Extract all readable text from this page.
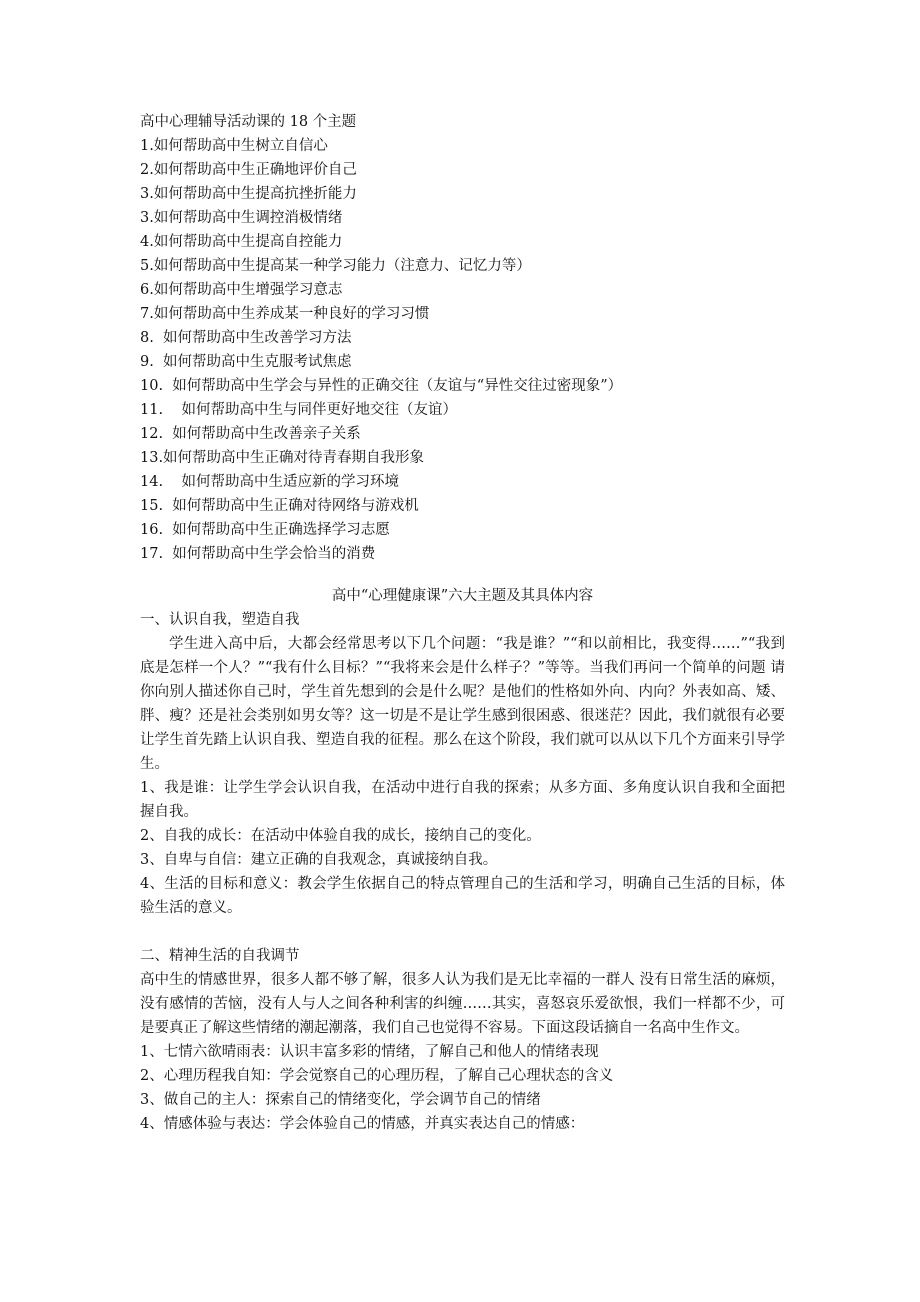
高中心理辅导活动课的 18 个主题
1.如何帮助高中生树立自信心
2.如何帮助高中生正确地评价自己
3.如何帮助高中生提高抗挫折能力
3.如何帮助高中生调控消极情绪
4.如何帮助高中生提高自控能力
5.如何帮助高中生提高某一种学习能力（注意力、记忆力等）
6.如何帮助高中生增强学习意志
7.如何帮助高中生养成某一种良好的学习习惯
8.  如何帮助高中生改善学习方法
9.  如何帮助高中生克服考试焦虑
10.  如何帮助高中生学会与异性的正确交往（友谊与“异性交往过密现象”）
11.    如何帮助高中生与同伴更好地交往（友谊）
12.  如何帮助高中生改善亲子关系
13.如何帮助高中生正确对待青春期自我形象
14.    如何帮助高中生适应新的学习环境
15.  如何帮助高中生正确对待网络与游戏机
16.  如何帮助高中生正确选择学习志愿
17.  如何帮助高中生学会恰当的消费
高中“心理健康课”六大主题及其具体内容
一、认识自我，塑造自我
学生进入高中后，大都会经常思考以下几个问题：“我是谁？”“和以前相比，我变得……”“我到底是怎样一个人？”“我有什么目标？”“我将来会是什么样子？”等等。当我们再问一个简单的问题 请你向别人描述你自己时，学生首先想到的会是什么呢？是他们的性格如外向、内向？外表如高、矮、胖、瘦？还是社会类别如男女等？这一切是不是让学生感到很困惑、很迷茫？因此，我们就很有必要让学生首先踏上认识自我、塑造自我的征程。那么在这个阶段，我们就可以从以下几个方面来引导学生。
1、我是谁：让学生学会认识自我，在活动中进行自我的探索；从多方面、多角度认识自我和全面把握自我。
2、自我的成长：在活动中体验自我的成长，接纳自己的变化。
3、自卑与自信：建立正确的自我观念，真诚接纳自我。
4、生活的目标和意义：教会学生依据自己的特点管理自己的生活和学习，明确自己生活的目标，体验生活的意义。
二、精神生活的自我调节
高中生的情感世界，很多人都不够了解，很多人认为我们是无比幸福的一群人 没有日常生活的麻烦，没有感情的苦恼，没有人与人之间各种利害的纠缠……其实，喜怒哀乐爱欲恨，我们一样都不少，可是要真正了解这些情绪的潮起潮落，我们自己也觉得不容易。下面这段话摘自一名高中生作文。
1、七情六欲晴雨表：认识丰富多彩的情绪，了解自己和他人的情绪表现
2、心理历程我自知：学会觉察自己的心理历程，了解自己心理状态的含义
3、做自己的主人：探索自己的情绪变化，学会调节自己的情绪
4、情感体验与表达：学会体验自己的情感，并真实表达自己的情感：
